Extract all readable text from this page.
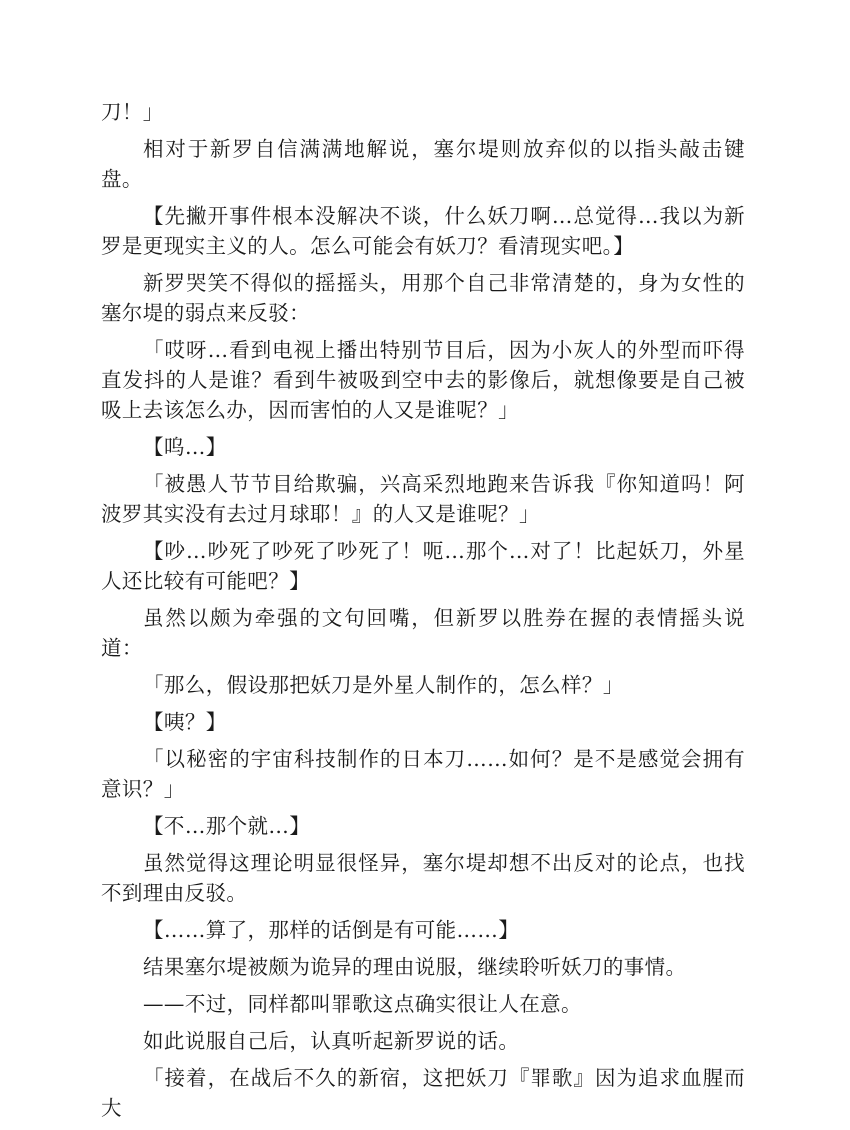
刀！」

相对于新罗自信满满地解说，塞尔堤则放弃似的以指头敲击键盘。

【先撇开事件根本没解决不谈，什么妖刀啊…总觉得…我以为新罗是更现实主义的人。怎么可能会有妖刀？看清现实吧。】

新罗哭笑不得似的摇摇头，用那个自己非常清楚的，身为女性的塞尔堤的弱点来反驳：

「哎呀…看到电视上播出特别节目后，因为小灰人的外型而吓得直发抖的人是谁？看到牛被吸到空中去的影像后，就想像要是自己被吸上去该怎么办，因而害怕的人又是谁呢？」

【呜…】

「被愚人节节目给欺骗，兴高采烈地跑来告诉我『你知道吗！阿波罗其实没有去过月球耶！』的人又是谁呢？」

【吵…吵死了吵死了吵死了！呃…那个…对了！比起妖刀，外星人还比较有可能吧？】

虽然以颇为牵强的文句回嘴，但新罗以胜券在握的表情摇头说道：

「那么，假设那把妖刀是外星人制作的，怎么样？」

【咦？】

「以秘密的宇宙科技制作的日本刀……如何？是不是感觉会拥有意识？」

【不…那个就…】

虽然觉得这理论明显很怪异，塞尔堤却想不出反对的论点，也找不到理由反驳。

【……算了，那样的话倒是有可能……】

结果塞尔堤被颇为诡异的理由说服，继续聆听妖刀的事情。

——不过，同样都叫罪歌这点确实很让人在意。

如此说服自己后，认真听起新罗说的话。

「接着，在战后不久的新宿，这把妖刀『罪歌』因为追求血腥而大
